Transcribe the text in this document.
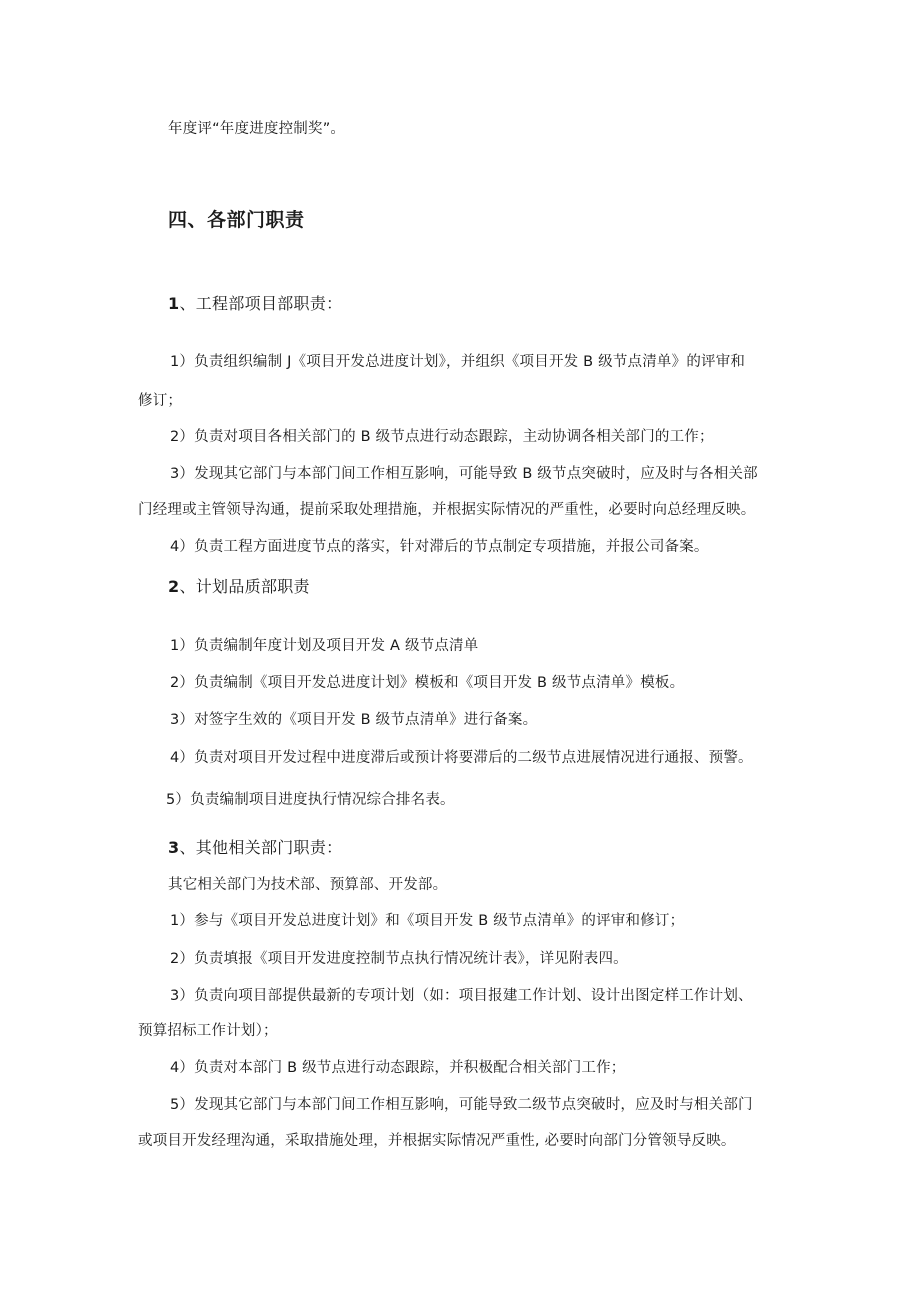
年度评“年度进度控制奖”。
四、各部门职责
1、工程部项目部职责：
1）负责组织编制 J《项目开发总进度计划》，并组织《项目开发 B 级节点清单》的评审和
修订；
2）负责对项目各相关部门的 B 级节点进行动态跟踪，主动协调各相关部门的工作；
3）发现其它部门与本部门间工作相互影响，可能导致 B 级节点突破时，应及时与各相关部
门经理或主管领导沟通，提前采取处理措施，并根据实际情况的严重性，必要时向总经理反映。
4）负责工程方面进度节点的落实，针对滞后的节点制定专项措施，并报公司备案。
2、计划品质部职责
1）负责编制年度计划及项目开发 A 级节点清单
2）负责编制《项目开发总进度计划》模板和《项目开发 B 级节点清单》模板。
3）对签字生效的《项目开发 B 级节点清单》进行备案。
4）负责对项目开发过程中进度滞后或预计将要滞后的二级节点进展情况进行通报、预警。
5）负责编制项目进度执行情况综合排名表。
3、其他相关部门职责：
其它相关部门为技术部、预算部、开发部。
1）参与《项目开发总进度计划》和《项目开发 B 级节点清单》的评审和修订；
2）负责填报《项目开发进度控制节点执行情况统计表》，详见附表四。
3）负责向项目部提供最新的专项计划（如：项目报建工作计划、设计出图定样工作计划、
预算招标工作计划）；
4）负责对本部门 B 级节点进行动态跟踪，并积极配合相关部门工作；
5）发现其它部门与本部门间工作相互影响，可能导致二级节点突破时，应及时与相关部门
或项目开发经理沟通，采取措施处理，并根据实际情况严重性, 必要时向部门分管领导反映。
